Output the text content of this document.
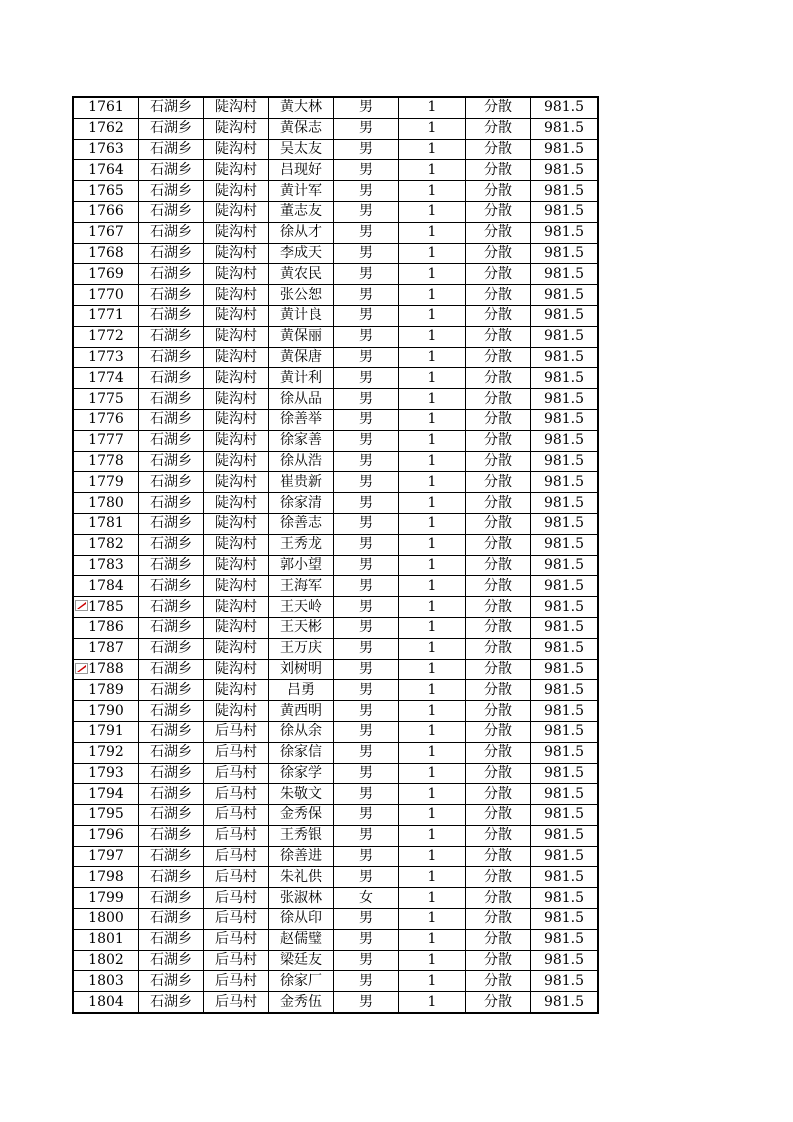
1761	石湖乡	陡沟村	黄大林	男	1	分散	981.5
1762	石湖乡	陡沟村	黄保志	男	1	分散	981.5
1763	石湖乡	陡沟村	吴太友	男	1	分散	981.5
1764	石湖乡	陡沟村	吕现好	男	1	分散	981.5
1765	石湖乡	陡沟村	黄计军	男	1	分散	981.5
1766	石湖乡	陡沟村	董志友	男	1	分散	981.5
1767	石湖乡	陡沟村	徐从才	男	1	分散	981.5
1768	石湖乡	陡沟村	李成天	男	1	分散	981.5
1769	石湖乡	陡沟村	黄农民	男	1	分散	981.5
1770	石湖乡	陡沟村	张公恕	男	1	分散	981.5
1771	石湖乡	陡沟村	黄计良	男	1	分散	981.5
1772	石湖乡	陡沟村	黄保丽	男	1	分散	981.5
1773	石湖乡	陡沟村	黄保唐	男	1	分散	981.5
1774	石湖乡	陡沟村	黄计利	男	1	分散	981.5
1775	石湖乡	陡沟村	徐从品	男	1	分散	981.5
1776	石湖乡	陡沟村	徐善举	男	1	分散	981.5
1777	石湖乡	陡沟村	徐家善	男	1	分散	981.5
1778	石湖乡	陡沟村	徐从浩	男	1	分散	981.5
1779	石湖乡	陡沟村	崔贵新	男	1	分散	981.5
1780	石湖乡	陡沟村	徐家清	男	1	分散	981.5
1781	石湖乡	陡沟村	徐善志	男	1	分散	981.5
1782	石湖乡	陡沟村	王秀龙	男	1	分散	981.5
1783	石湖乡	陡沟村	郭小望	男	1	分散	981.5
1784	石湖乡	陡沟村	王海军	男	1	分散	981.5

1785	石湖乡	陡沟村	王天岭	男	1	分散	981.5
1786	石湖乡	陡沟村	王天彬	男	1	分散	981.5
1787	石湖乡	陡沟村	王万庆	男	1	分散	981.5

1788	石湖乡	陡沟村	刘树明	男	1	分散	981.5
1789	石湖乡	陡沟村	吕勇	男	1	分散	981.5
1790	石湖乡	陡沟村	黄西明	男	1	分散	981.5
1791	石湖乡	后马村	徐从余	男	1	分散	981.5
1792	石湖乡	后马村	徐家信	男	1	分散	981.5
1793	石湖乡	后马村	徐家学	男	1	分散	981.5
1794	石湖乡	后马村	朱敬文	男	1	分散	981.5
1795	石湖乡	后马村	金秀保	男	1	分散	981.5
1796	石湖乡	后马村	王秀银	男	1	分散	981.5
1797	石湖乡	后马村	徐善进	男	1	分散	981.5
1798	石湖乡	后马村	朱礼供	男	1	分散	981.5
1799	石湖乡	后马村	张淑林	女	1	分散	981.5
1800	石湖乡	后马村	徐从印	男	1	分散	981.5
1801	石湖乡	后马村	赵儒璧	男	1	分散	981.5
1802	石湖乡	后马村	梁廷友	男	1	分散	981.5
1803	石湖乡	后马村	徐家厂	男	1	分散	981.5
1804	石湖乡	后马村	金秀伍	男	1	分散	981.5
